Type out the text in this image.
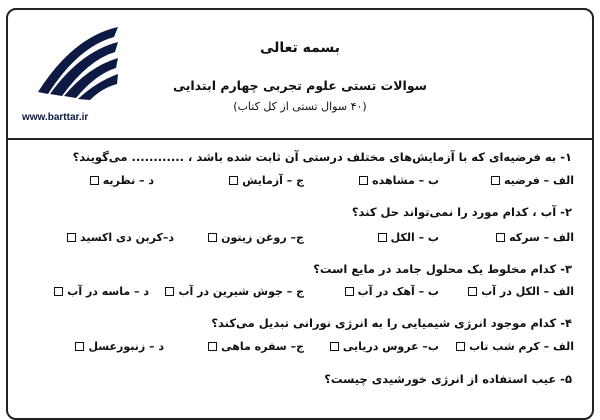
www.barttar.ir
بسمه تعالی
سوالات تستی علوم تجربی چهارم ابتدایی
(۴۰ سوال تستی از کل کتاب)
۱- به فرضیه‌ای که با آزمایش‌های مختلف درستی آن ثابت شده باشد ، ............ می‌گویند؟
الف – فرضیه
ب – مشاهده
ج – آزمایش
د – نظریه
۲- آب ، کدام مورد را نمی‌تواند حل کند؟
الف – سرکه
ب – الکل
ج– روغن زیتون
د–کربن دی اکسید
۳- کدام مخلوط یک محلول جامد در مایع است؟
الف – الکل در آب
ب – آهک در آب
ج – جوش شیرین در آب
د – ماسه در آب
۴- کدام موجود انرژی شیمیایی را به انرژی نورانی تبدیل می‌کند؟
الف – کرم شب تاب
ب– عروس دریایی
ج– سفره ماهی
د – زنبورعسل
۵- عیب استفاده از انرژی خورشیدی چیست؟
